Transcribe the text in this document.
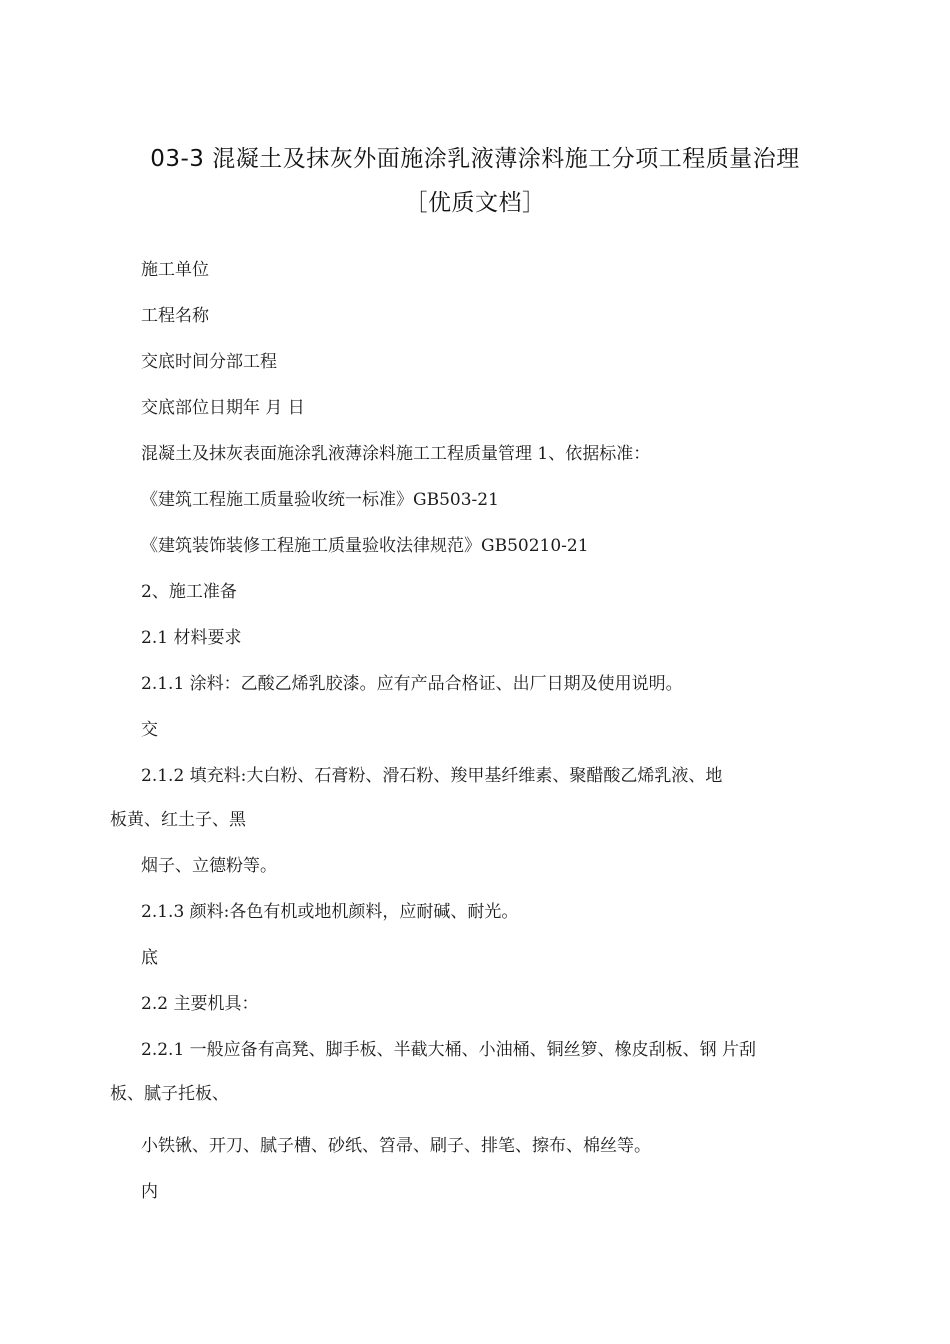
03-3 混凝土及抹灰外面施涂乳液薄涂料施工分项工程质量治理
［优质文档］
施工单位
工程名称
交底时间分部工程
交底部位日期年 月 日
混凝土及抹灰表面施涂乳液薄涂料施工工程质量管理 1、依据标准：
《建筑工程施工质量验收统一标准》GB503-21
《建筑装饰装修工程施工质量验收法律规范》GB50210-21
2、施工准备
2.1 材料要求
2.1.1 涂料：乙酸乙烯乳胶漆。应有产品合格证、出厂日期及使用说明。
交
2.1.2 填充料:大白粉、石膏粉、滑石粉、羧甲基纤维素、聚醋酸乙烯乳液、地
板黄、红土子、黑
烟子、立德粉等。
2.1.3 颜料:各色有机或地机颜料，应耐碱、耐光。
底
2.2 主要机具：
2.2.1 一般应备有高凳、脚手板、半截大桶、小油桶、铜丝箩、橡皮刮板、钢 片刮
板、腻子托板、
小铁锹、开刀、腻子槽、砂纸、笤帚、刷子、排笔、擦布、棉丝等。
内
